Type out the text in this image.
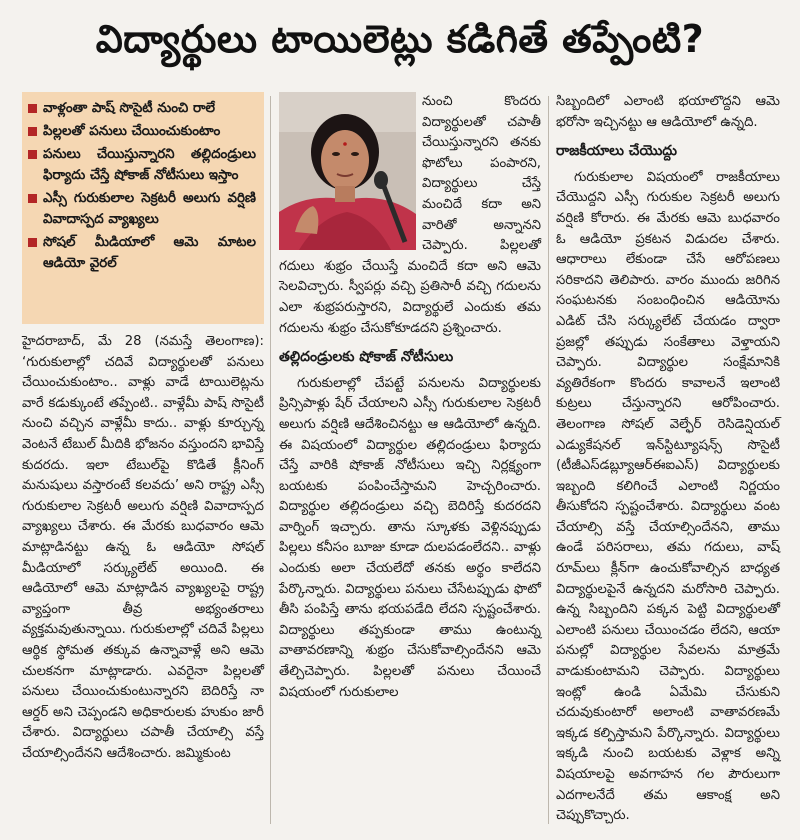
విద్యార్థులు టాయిలెట్లు కడిగితే తప్పేంటి?
వాళ్లంతా పాష్ సొసైటీ నుంచి రాలే
పిల్లలతో పనులు చేయించుకుంటాం
పనులు చేయిస్తున్నారని తల్లిదండ్రులు ఫిర్యాదు చేస్తే షోకాజ్ నోటీసులు ఇస్తాం
ఎస్సీ గురుకులాల సెక్రటరీ అలుగు వర్షిణి వివాదాస్పద వ్యాఖ్యలు
సోషల్ మీడియాలో ఆమె మాటల ఆడియో వైరల్

హైదరాబాద్, మే 28 (నమస్తే తెలంగాణ): ‘గురుకులాల్లో చదివే విద్యార్థులతో పనులు చేయించుకుంటాం.. వాళ్లు వాడే టాయిలెట్లను వారే కడుక్కుంటే తప్పేంటి.. వాళ్లేమీ పాష్ సొసైటీ నుంచి వచ్చిన వాళ్లేమీ కాదు.. వాళ్లు కూర్చున్న వెంటనే టేబుల్ మీదికి భోజనం వస్తుందని భావిస్తే కుదరదు. ఇలా టేబుల్‌పై కొడితే క్లీనింగ్ మనుషులు వస్తారంటే కలవదు’ అని రాష్ట్ర ఎస్సీ గురుకులాల సెక్రటరీ అలుగు వర్షిణి వివాదాస్పద వ్యాఖ్యలు చేశారు. ఈ మేరకు బుధవారం ఆమె మాట్లాడినట్టు ఉన్న ఓ ఆడియో సోషల్ మీడియాలో సర్క్యులేట్ అయింది. ఈ ఆడియోలో ఆమె మాట్లాడిన వ్యాఖ్యలపై రాష్ట్ర వ్యాప్తంగా తీవ్ర అభ్యంతరాలు వ్యక్తమవుతున్నాయి. గురుకులాల్లో చదివే పిల్లలు ఆర్థిక స్థోమత తక్కువ ఉన్నావాళ్లే అని ఆమె చులకనగా మాట్లాడారు. ఎవరైనా పిల్లలతో పనులు చేయించుకుంటున్నారని బెదిరిస్తే నా ఆర్డర్ అని చెప్పండని అధికారులకు హుకుం జారీ చేశారు. విద్యార్థులు చపాతీ చేయాల్సి వస్తే చేయాల్సిందేనని ఆదేశించారు. జమ్మికుంట

నుంచి కొందరు విద్యార్థులతో చపాతీ చేయిస్తున్నారని తనకు ఫొటోలు పంపారని, విద్యార్థులు చేస్తే మంచిదే కదా అని వారితో అన్నానని చెప్పారు. పిల్లలతో గదులు శుభ్రం చేయిస్తే మంచిదే కదా అని ఆమె సెలవిచ్చారు. స్వీపర్లు వచ్చి ప్రతిసారీ వచ్చి గదులను ఎలా శుభ్రపరుస్తారని, విద్యార్థులే ఎందుకు తమ గదులను శుభ్రం చేసుకోకూడదని ప్రశ్నించారు.

తల్లిదండ్రులకు షోకాజ్ నోటీసులు

గురుకులాల్లో చేపట్టే పనులను విద్యార్థులకు ప్రిన్సిపాళ్లు షేర్ చేయాలని ఎస్సీ గురుకులాల సెక్రటరీ అలుగు వర్షిణి ఆదేశించినట్టు ఆ ఆడియోలో ఉన్నది. ఈ విషయంలో విద్యార్థుల తల్లిదండ్రులు ఫిర్యాదు చేస్తే వారికి షోకాజ్ నోటీసులు ఇచ్చి నిర్లక్ష్యంగా బయటకు పంపించేస్తామని హెచ్చరించారు. విద్యార్థుల తల్లిదండ్రులు వచ్చి బెదిరిస్తే కుదరదని వార్నింగ్ ఇచ్చారు. తాను స్కూళకు వెళ్లినప్పుడు పిల్లలు కనీసం బూజు కూడా దులపడంలేదని.. వాళ్లు ఎందుకు అలా చేయలేదో తనకు అర్థం కాలేదని పేర్కొన్నారు. విద్యార్థులు పనులు చేసేటప్పుడు ఫొటో తీసి పంపిస్తే తాను భయపడేది లేదని స్పష్టంచేశారు. విద్యార్థులు తప్పకుండా తాము ఉంటున్న వాతావరణాన్ని శుభ్రం చేసుకోవాల్సిందేనని ఆమె తేల్చిచెప్పారు. పిల్లలతో పనులు చేయించే విషయంలో గురుకులాల

సిబ్బందిలో ఎలాంటి భయాలొద్దని ఆమె భరోసా ఇచ్చినట్టు ఆ ఆడియోలో ఉన్నది.

రాజకీయాలు చేయొద్దు

గురుకులాల విషయంలో రాజకీయాలు చేయొద్దని ఎస్సీ గురుకుల సెక్రటరీ అలుగు వర్షిణి కోరారు. ఈ మేరకు ఆమె బుధవారం ఓ ఆడియో ప్రకటన విడుదల చేశారు. ఆధారాలు లేకుండా చేసే ఆరోపణలు సరికాదని తెలిపారు. వారం ముందు జరిగిన సంఘటనకు సంబంధించిన ఆడియోను ఎడిట్ చేసి సర్క్యులేట్ చేయడం ద్వారా ప్రజల్లో తప్పుడు సంకేతాలు వెళ్తాయని చెప్పారు. విద్యార్థుల సంక్షేమానికి వ్యతిరేకంగా కొందరు కావాలనే ఇలాంటి కుట్రలు చేస్తున్నారని ఆరోపించారు. తెలంగాణ సోషల్ వెల్ఫేర్ రెసిడెన్షియల్ ఎడ్యుకేషనల్ ఇన్‌స్టిట్యూషన్స్ సొసైటీ (టీజీఎస్‌డబ్ల్యూఆర్‌ఈఐఎస్) విద్యార్థులకు ఇబ్బంది కలిగించే ఎలాంటి నిర్ణయం తీసుకోదని స్పష్టంచేశారు. విద్యార్థులు వంట చేయాల్సి వస్తే చేయాల్సిందేనని, తాము ఉండే పరిసరాలు, తమ గదులు, వాష్ రూమ్‌లు క్లీన్‌గా ఉంచుకోవాల్సిన బాధ్యత విద్యార్థులపైనే ఉన్నదని మరోసారి చెప్పారు. ఉన్న సిబ్బందిని పక్కన పెట్టి విద్యార్థులతో ఎలాంటి పనులు చేయించడం లేదని, ఆయా పనుల్లో విద్యార్థుల సేవలను మాత్రమే వాడుకుంటామని చెప్పారు. విద్యార్థులు ఇంట్లో ఉండి ఏమేమి చేసుకుని చదువుకుంటారో అలాంటి వాతావరణమే ఇక్కడ కల్పిస్తామని పేర్కొన్నారు. విద్యార్థులు ఇక్కడి నుంచి బయటకు వెళ్లాక అన్ని విషయాలపై అవగాహన గల పౌరులుగా ఎదగాలనేదే తమ ఆకాంక్ష అని చెప్పుకొచ్చారు.
